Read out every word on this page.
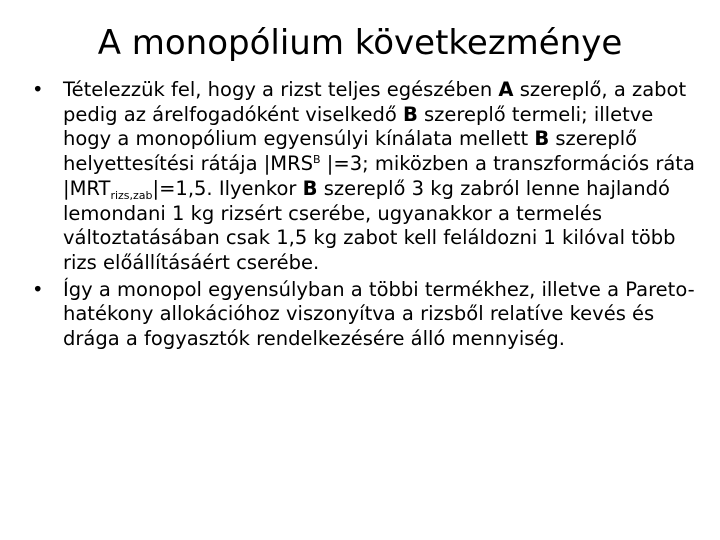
A monopólium következménye
• Tételezzük fel, hogy a rizst teljes egészében A szereplő, a zabot pedig az árelfogadóként viselkedő B szereplő termeli; illetve hogy a monopólium egyensúlyi kínálata mellett B szereplő helyettesítési rátája $|MRS^B$ |=3; miközben a transzformációs ráta $|MRT_{rizs,zab}|=1,5$. Ilyenkor B szereplő 3 kg zabról lenne hajlandó lemondani 1 kg rizsért cserébe, ugyanakkor a termelés változtatásában csak 1,5 kg zabot kell feláldozni 1 kilóval több rizs előállításáért cserébe.
• Így a monopol egyensúlyban a többi termékhez, illetve a Pareto-hatékony allokációhoz viszonyítva a rizsből relatíve kevés és drága a fogyasztók rendelkezésére álló mennyiség.
